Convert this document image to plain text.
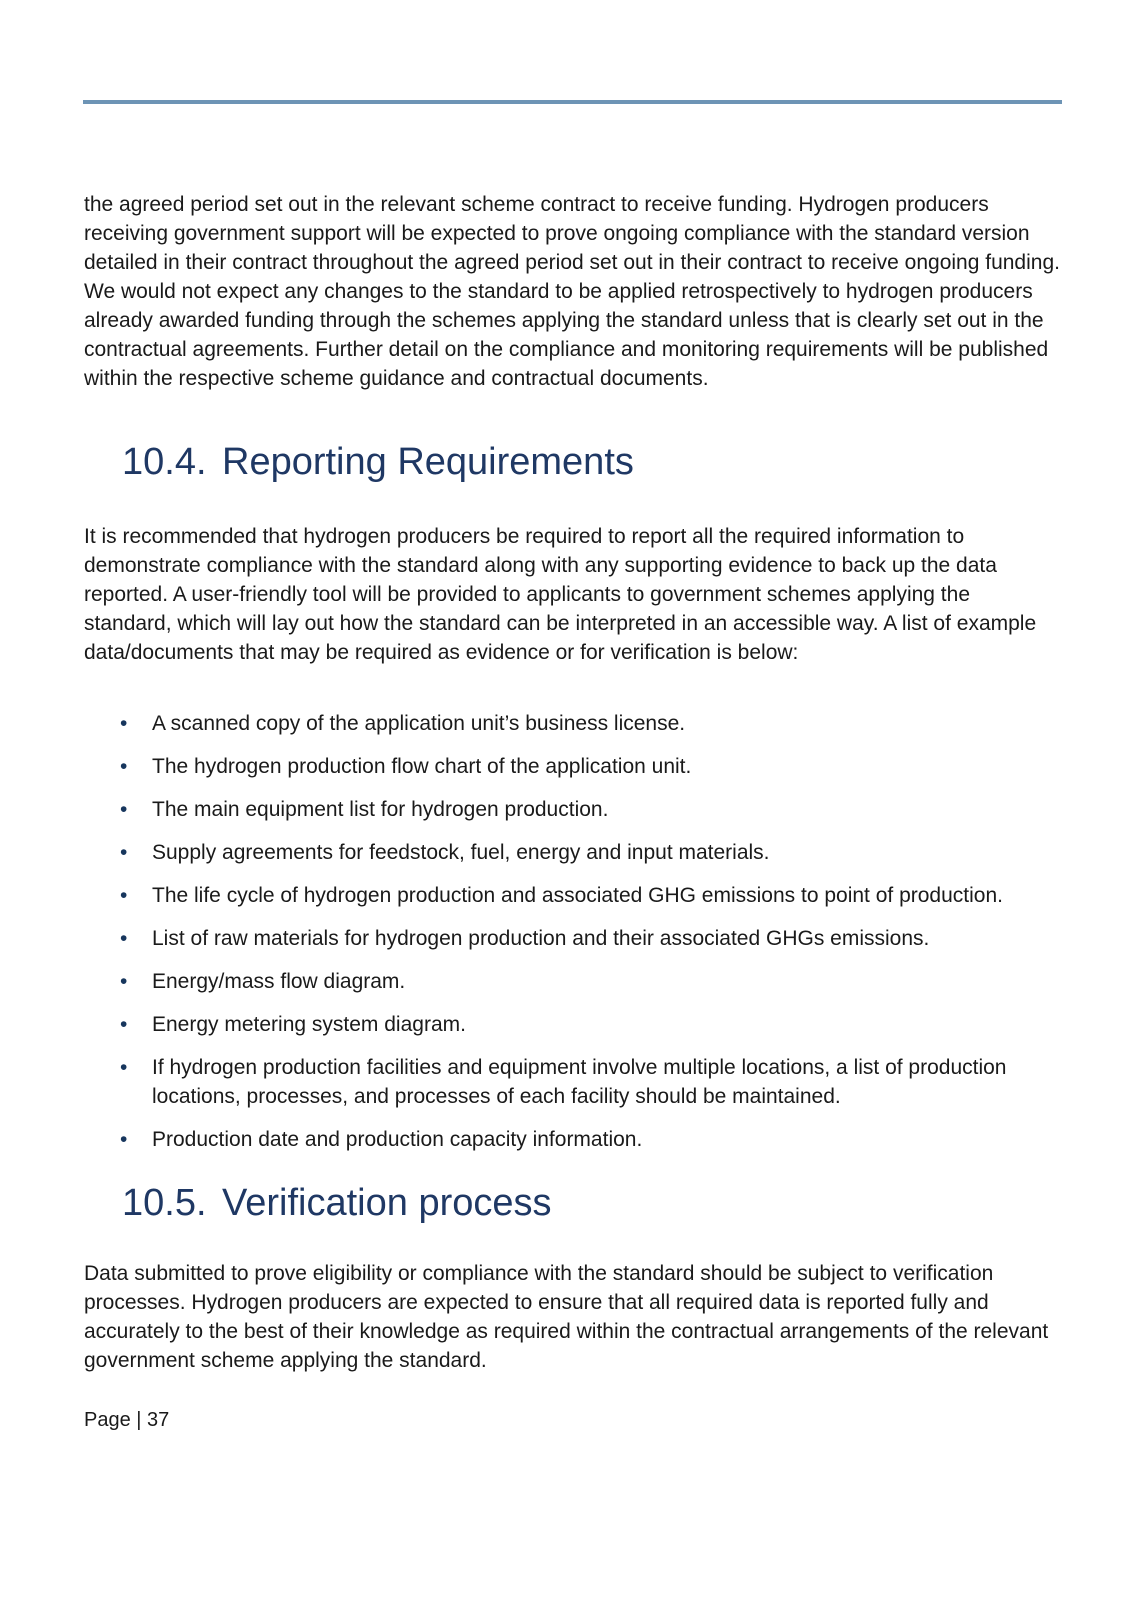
the agreed period set out in the relevant scheme contract to receive funding. Hydrogen producers receiving government support will be expected to prove ongoing compliance with the standard version detailed in their contract throughout the agreed period set out in their contract to receive ongoing funding. We would not expect any changes to the standard to be applied retrospectively to hydrogen producers already awarded funding through the schemes applying the standard unless that is clearly set out in the contractual agreements. Further detail on the compliance and monitoring requirements will be published within the respective scheme guidance and contractual documents.

10.4. Reporting Requirements

It is recommended that hydrogen producers be required to report all the required information to demonstrate compliance with the standard along with any supporting evidence to back up the data reported. A user-friendly tool will be provided to applicants to government schemes applying the standard, which will lay out how the standard can be interpreted in an accessible way. A list of example data/documents that may be required as evidence or for verification is below:

• A scanned copy of the application unit’s business license.
• The hydrogen production flow chart of the application unit.
• The main equipment list for hydrogen production.
• Supply agreements for feedstock, fuel, energy and input materials.
• The life cycle of hydrogen production and associated GHG emissions to point of production.
• List of raw materials for hydrogen production and their associated GHGs emissions.
• Energy/mass flow diagram.
• Energy metering system diagram.
• If hydrogen production facilities and equipment involve multiple locations, a list of production locations, processes, and processes of each facility should be maintained.
• Production date and production capacity information.
10.5. Verification process

Data submitted to prove eligibility or compliance with the standard should be subject to verification processes. Hydrogen producers are expected to ensure that all required data is reported fully and accurately to the best of their knowledge as required within the contractual arrangements of the relevant government scheme applying the standard.

Page | 37
